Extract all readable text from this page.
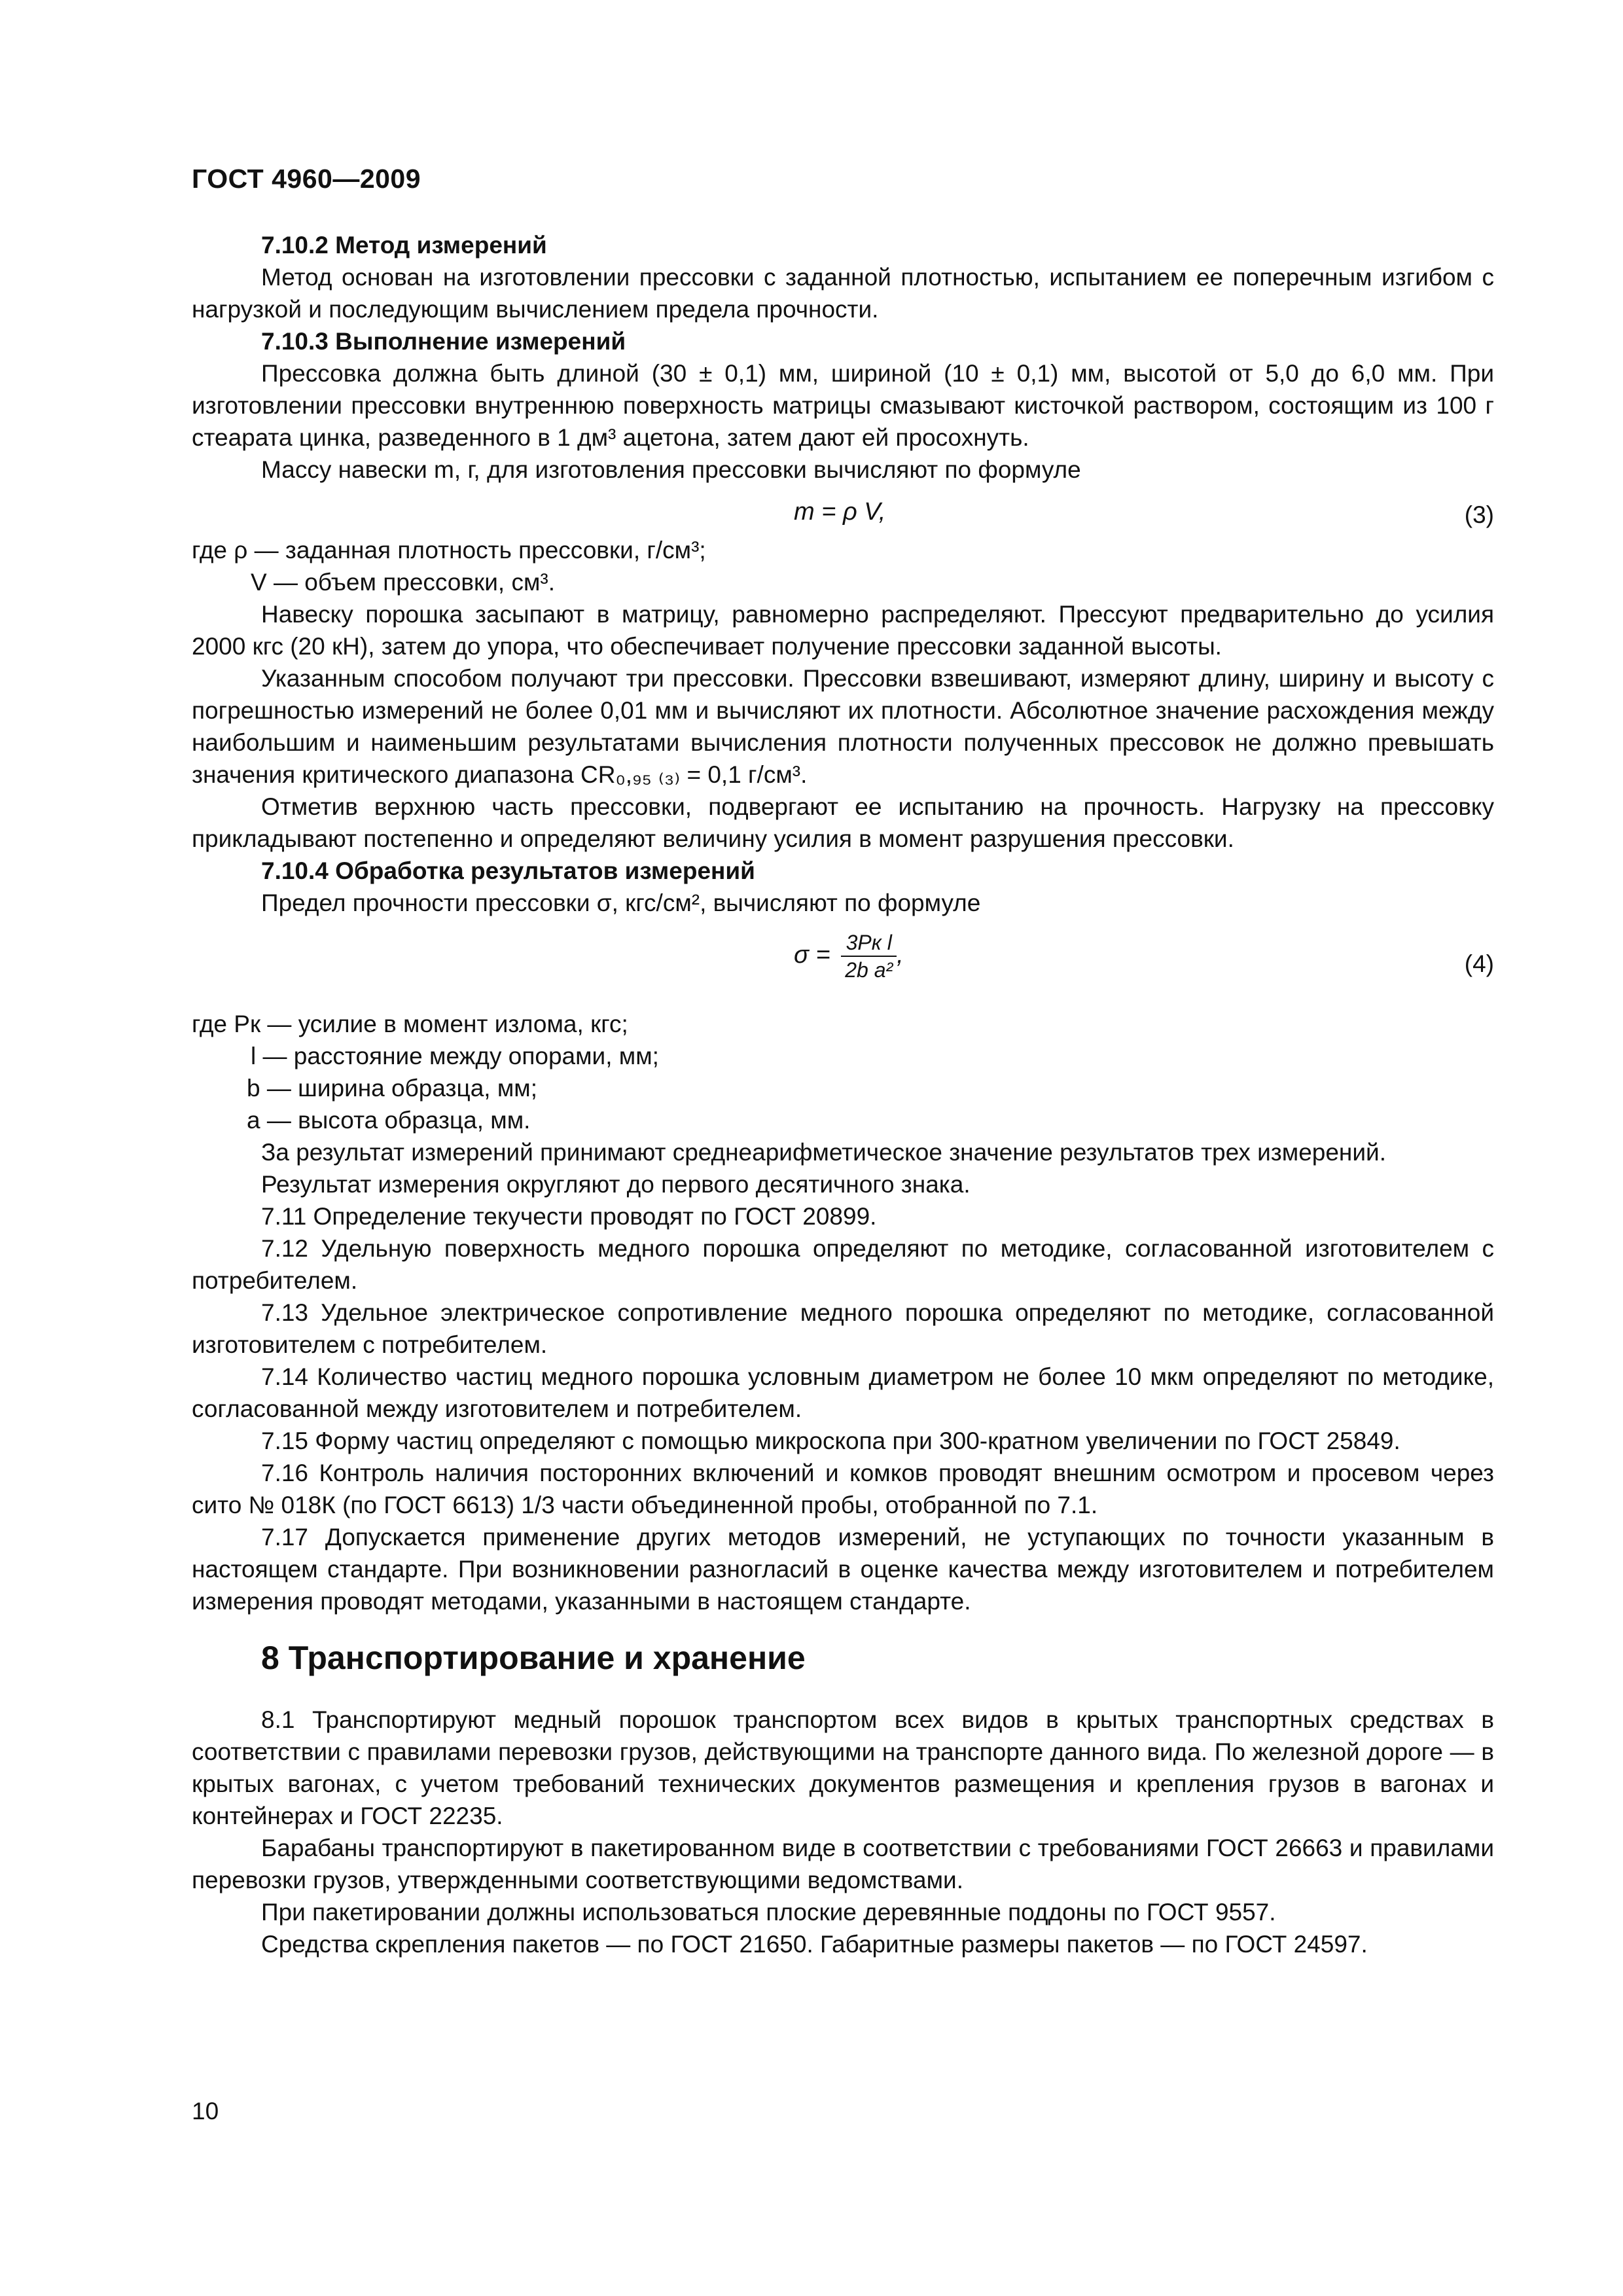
ГОСТ 4960—2009

7.10.2 Метод измерений

Метод основан на изготовлении прессовки с заданной плотностью, испытанием ее поперечным изгибом с нагрузкой и последующим вычислением предела прочности.

7.10.3 Выполнение измерений

Прессовка должна быть длиной (30 ± 0,1) мм, шириной (10 ± 0,1) мм, высотой от 5,0 до 6,0 мм. При изготовлении прессовки внутреннюю поверхность матрицы смазывают кисточкой раствором, состоящим из 100 г стеарата цинка, разведенного в 1 дм³ ацетона, затем дают ей просохнуть.

Массу навески m, г, для изготовления прессовки вычисляют по формуле

m = ρ V,	(3)

где ρ — заданная плотность прессовки, г/см³;

V — объем прессовки, см³.

Навеску порошка засыпают в матрицу, равномерно распределяют. Прессуют предварительно до усилия 2000 кгс (20 кН), затем до упора, что обеспечивает получение прессовки заданной высоты.

Указанным способом получают три прессовки. Прессовки взвешивают, измеряют длину, ширину и высоту с погрешностью измерений не более 0,01 мм и вычисляют их плотности. Абсолютное значение расхождения между наибольшим и наименьшим результатами вычисления плотности полученных прессовок не должно превышать значения критического диапазона CR₀,₉₅ ₍₃₎ = 0,1 г/см³.

Отметив верхнюю часть прессовки, подвергают ее испытанию на прочность. Нагрузку на прессовку прикладывают постепенно и определяют величину усилия в момент разрушения прессовки.

7.10.4 Обработка результатов измерений

Предел прочности прессовки σ, кгс/см², вычисляют по формуле

$\sigma = \frac{\text{3Pк l}}{\text{2b a²}}$ ,	(4)

где Pк — усилие в момент излома, кгс;

l — расстояние между опорами, мм;

b — ширина образца, мм;

a — высота образца, мм.

За результат измерений принимают среднеарифметическое значение результатов трех измерений.

Результат измерения округляют до первого десятичного знака.

7.11 Определение текучести проводят по ГОСТ 20899.

7.12 Удельную поверхность медного порошка определяют по методике, согласованной изготовителем с потребителем.

7.13 Удельное электрическое сопротивление медного порошка определяют по методике, согласованной изготовителем с потребителем.

7.14 Количество частиц медного порошка условным диаметром не более 10 мкм определяют по методике, согласованной между изготовителем и потребителем.

7.15 Форму частиц определяют с помощью микроскопа при 300-кратном увеличении по ГОСТ 25849.

7.16 Контроль наличия посторонних включений и комков проводят внешним осмотром и просевом через сито № 018К (по ГОСТ 6613) 1/3 части объединенной пробы, отобранной по 7.1.

7.17 Допускается применение других методов измерений, не уступающих по точности указанным в настоящем стандарте. При возникновении разногласий в оценке качества между изготовителем и потребителем измерения проводят методами, указанными в настоящем стандарте.

8 Транспортирование и хранение

8.1 Транспортируют медный порошок транспортом всех видов в крытых транспортных средствах в соответствии с правилами перевозки грузов, действующими на транспорте данного вида. По железной дороге — в крытых вагонах, с учетом требований технических документов размещения и крепления грузов в вагонах и контейнерах и ГОСТ 22235.

Барабаны транспортируют в пакетированном виде в соответствии с требованиями ГОСТ 26663 и правилами перевозки грузов, утвержденными соответствующими ведомствами.

При пакетировании должны использоваться плоские деревянные поддоны по ГОСТ 9557.

Средства скрепления пакетов — по ГОСТ 21650. Габаритные размеры пакетов — по ГОСТ 24597.

10
